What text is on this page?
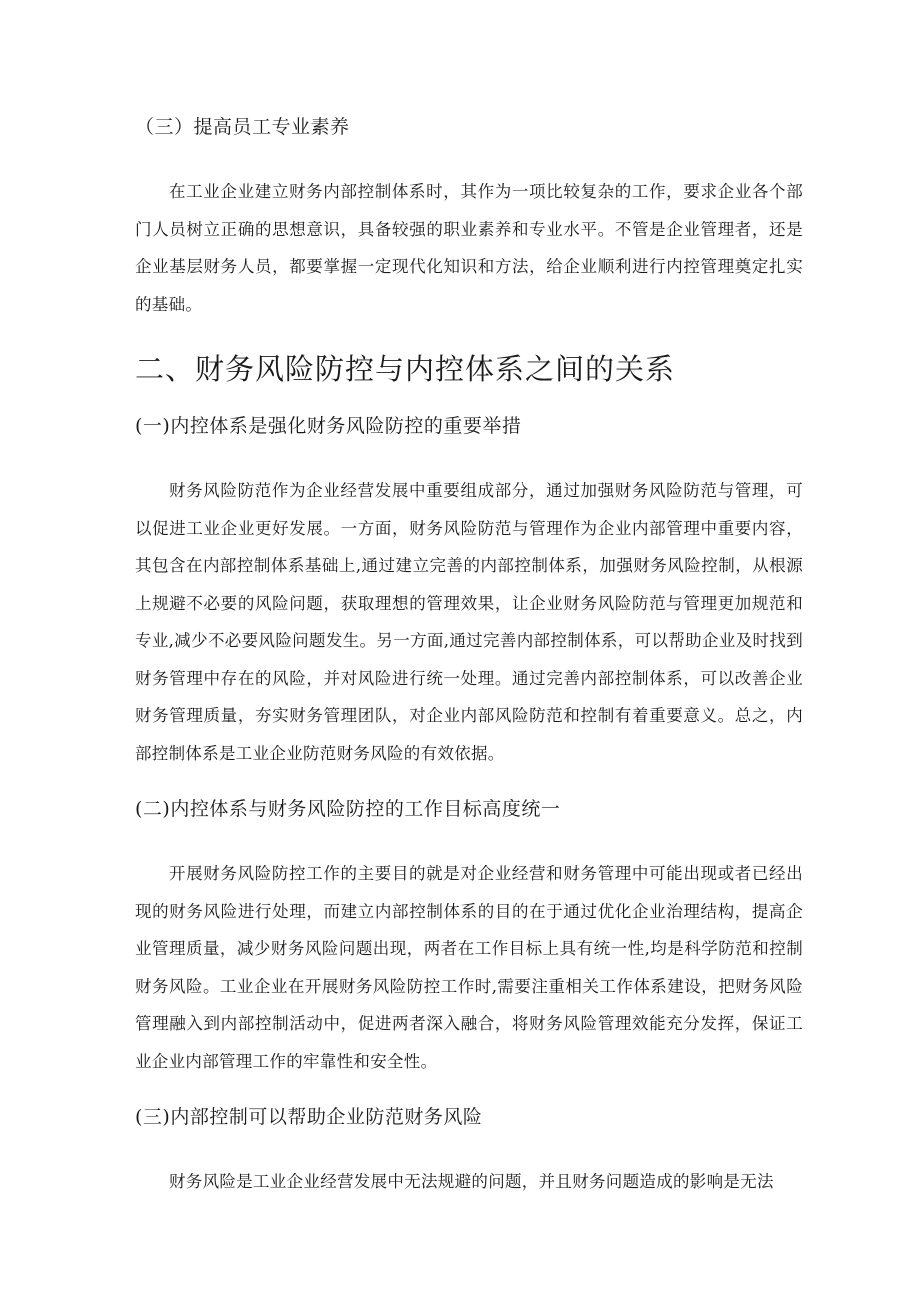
（三）提高员工专业素养

在工业企业建立财务内部控制体系时，其作为一项比较复杂的工作，要求企业各个部门人员树立正确的思想意识，具备较强的职业素养和专业水平。不管是企业管理者，还是企业基层财务人员，都要掌握一定现代化知识和方法，给企业顺利进行内控管理奠定扎实的基础。

二、财务风险防控与内控体系之间的关系
(一)内控体系是强化财务风险防控的重要举措

财务风险防范作为企业经营发展中重要组成部分，通过加强财务风险防范与管理，可以促进工业企业更好发展。一方面，财务风险防范与管理作为企业内部管理中重要内容，其包含在内部控制体系基础上,通过建立完善的内部控制体系，加强财务风险控制，从根源上规避不必要的风险问题，获取理想的管理效果，让企业财务风险防范与管理更加规范和专业,减少不必要风险问题发生。另一方面,通过完善内部控制体系，可以帮助企业及时找到财务管理中存在的风险，并对风险进行统一处理。通过完善内部控制体系，可以改善企业财务管理质量，夯实财务管理团队，对企业内部风险防范和控制有着重要意义。总之，内部控制体系是工业企业防范财务风险的有效依据。

(二)内控体系与财务风险防控的工作目标高度统一

开展财务风险防控工作的主要目的就是对企业经营和财务管理中可能出现或者已经出现的财务风险进行处理，而建立内部控制体系的目的在于通过优化企业治理结构，提高企业管理质量，减少财务风险问题出现，两者在工作目标上具有统一性,均是科学防范和控制财务风险。工业企业在开展财务风险防控工作时,需要注重相关工作体系建设，把财务风险管理融入到内部控制活动中，促进两者深入融合，将财务风险管理效能充分发挥，保证工业企业内部管理工作的牢靠性和安全性。

(三)内部控制可以帮助企业防范财务风险

财务风险是工业企业经营发展中无法规避的问题，并且财务问题造成的影响是无法
